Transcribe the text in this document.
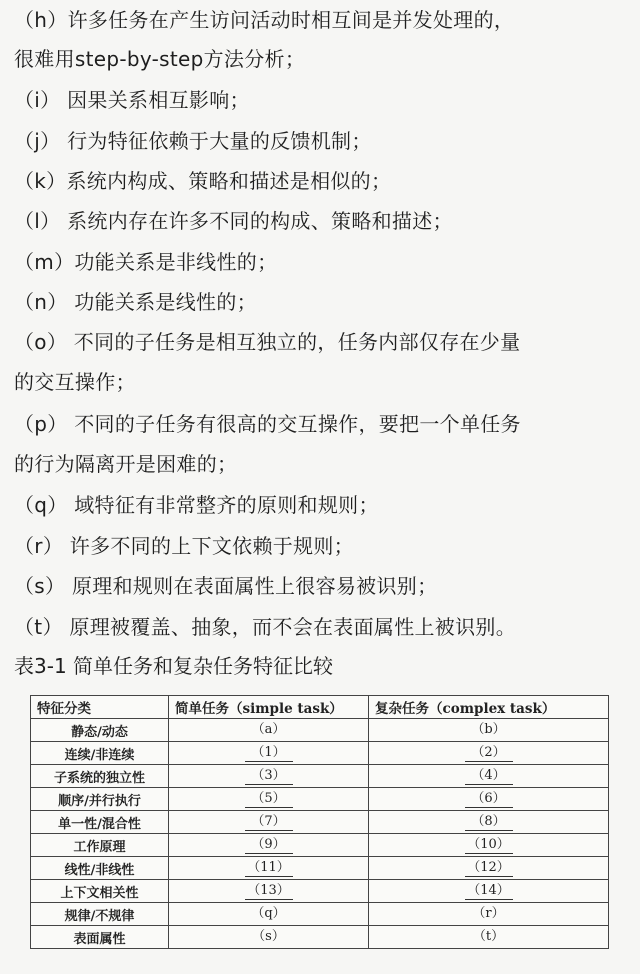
（h）许多任务在产生访问活动时相互间是并发处理的，
很难用step-by-step方法分析；
（i） 因果关系相互影响；
（j） 行为特征依赖于大量的反馈机制；
（k）系统内构成、策略和描述是相似的；
（l） 系统内存在许多不同的构成、策略和描述；
（m）功能关系是非线性的；
（n） 功能关系是线性的；
（o） 不同的子任务是相互独立的，任务内部仅存在少量
的交互操作；
（p） 不同的子任务有很高的交互操作，要把一个单任务
的行为隔离开是困难的；
（q） 域特征有非常整齐的原则和规则；
（r） 许多不同的上下文依赖于规则；
（s） 原理和规则在表面属性上很容易被识别；
（t） 原理被覆盖、抽象，而不会在表面属性上被识别。
表3-1 简单任务和复杂任务特征比较
特征分类	简单任务（simple task）	复杂任务（complex task）
静态/动态	（a）	（b）
连续/非连续	（1）	（2）
子系统的独立性	（3）	（4）
顺序/并行执行	（5）	（6）
单一性/混合性	（7）	（8）
工作原理	（9）	（10）
线性/非线性	（11）	（12）
上下文相关性	（13）	（14）
规律/不规律	（q）	（r）
表面属性	（s）	（t）
